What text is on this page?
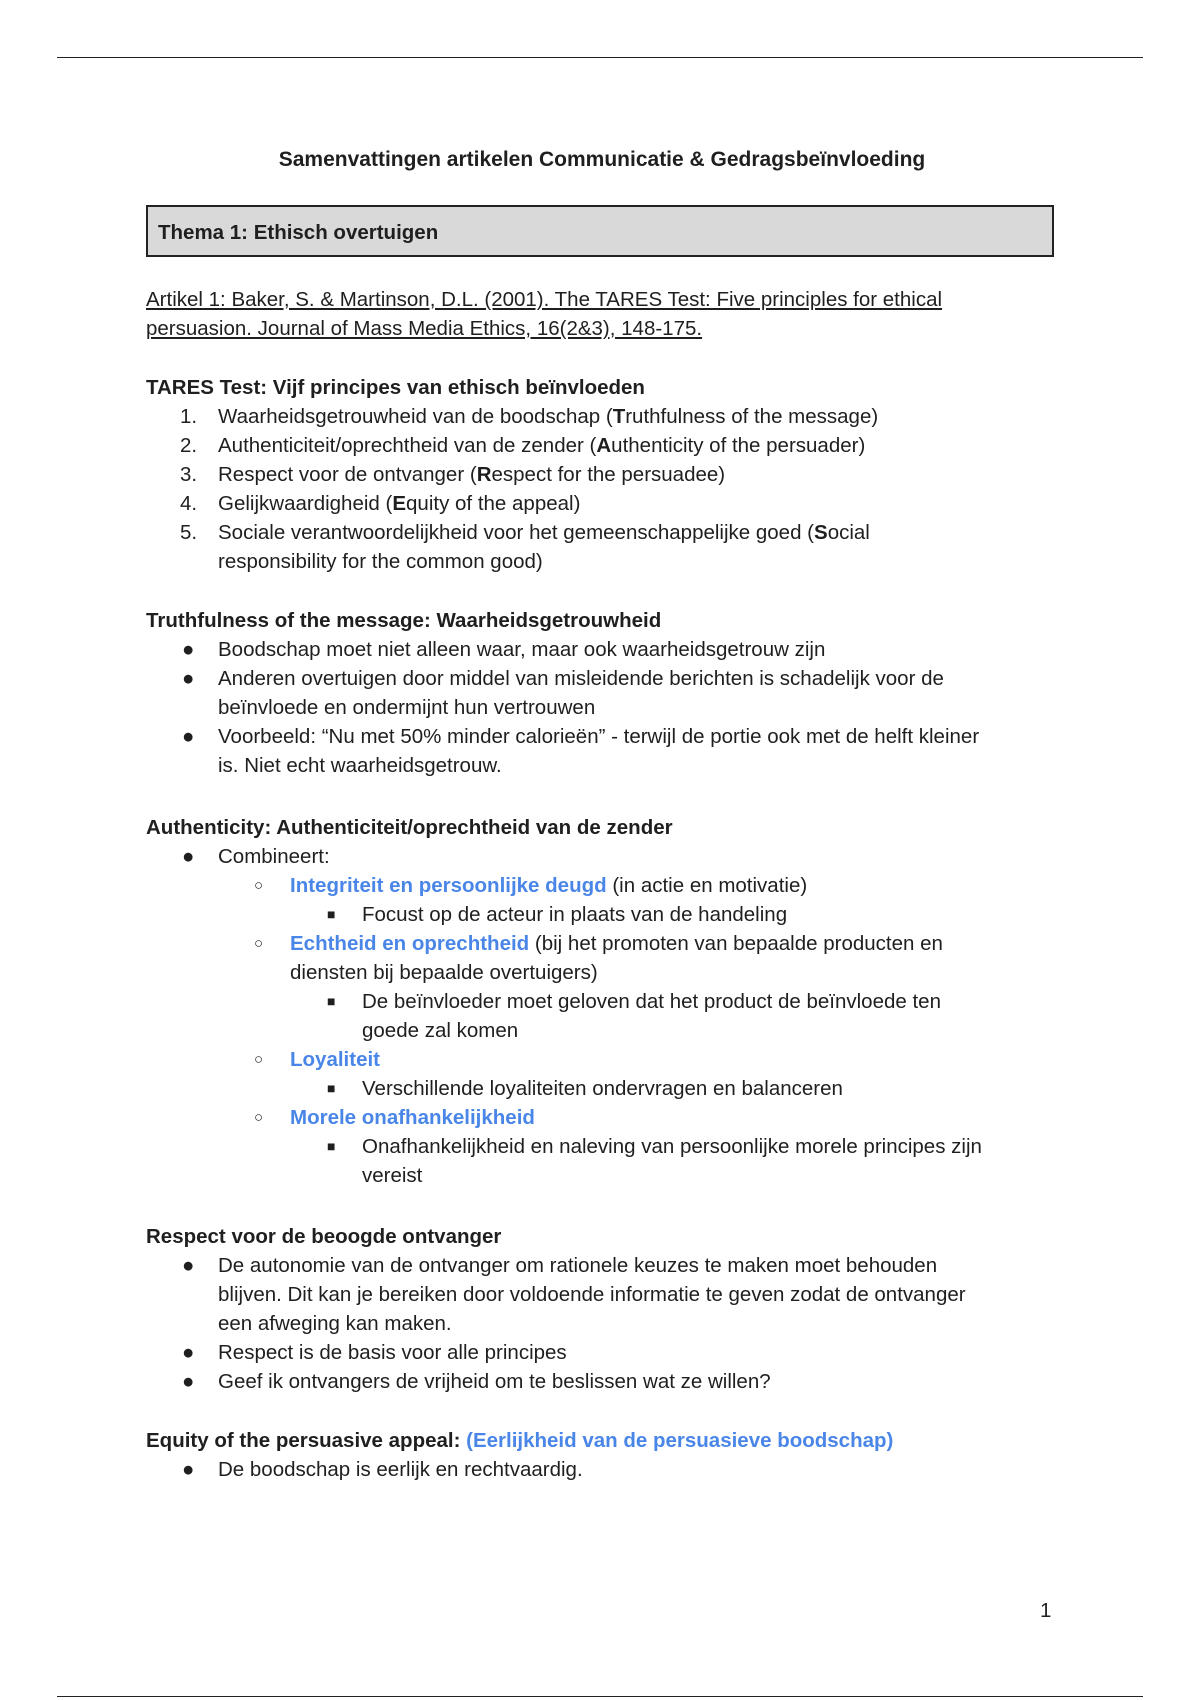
Samenvattingen artikelen Communicatie & Gedragsbeïnvloeding
Thema 1: Ethisch overtuigen
Artikel 1: Baker, S. & Martinson, D.L. (2001). The TARES Test: Five principles for ethical
persuasion. Journal of Mass Media Ethics, 16(2&3), 148-175.
TARES Test: Vijf principes van ethisch beïnvloeden
1. Waarheidsgetrouwheid van de boodschap (Truthfulness of the message)
2. Authenticiteit/oprechtheid van de zender (Authenticity of the persuader)
3. Respect voor de ontvanger (Respect for the persuadee)
4. Gelijkwaardigheid (Equity of the appeal)
5. Sociale verantwoordelijkheid voor het gemeenschappelijke goed (Social
responsibility for the common good)
Truthfulness of the message: Waarheidsgetrouwheid
● Boodschap moet niet alleen waar, maar ook waarheidsgetrouw zijn
● Anderen overtuigen door middel van misleidende berichten is schadelijk voor de
beïnvloede en ondermijnt hun vertrouwen
● Voorbeeld: “Nu met 50% minder calorieën” - terwijl de portie ook met de helft kleiner
is. Niet echt waarheidsgetrouw.
Authenticity: Authenticiteit/oprechtheid van de zender
● Combineert:
○ Integriteit en persoonlijke deugd (in actie en motivatie)
■ Focust op de acteur in plaats van de handeling
○ Echtheid en oprechtheid (bij het promoten van bepaalde producten en
diensten bij bepaalde overtuigers)
■ De beïnvloeder moet geloven dat het product de beïnvloede ten
goede zal komen
○ Loyaliteit
■ Verschillende loyaliteiten ondervragen en balanceren
○ Morele onafhankelijkheid
■ Onafhankelijkheid en naleving van persoonlijke morele principes zijn
vereist
Respect voor de beoogde ontvanger
● De autonomie van de ontvanger om rationele keuzes te maken moet behouden
blijven. Dit kan je bereiken door voldoende informatie te geven zodat de ontvanger
een afweging kan maken.
● Respect is de basis voor alle principes
● Geef ik ontvangers de vrijheid om te beslissen wat ze willen?
Equity of the persuasive appeal: (Eerlijkheid van de persuasieve boodschap)
● De boodschap is eerlijk en rechtvaardig.
1
